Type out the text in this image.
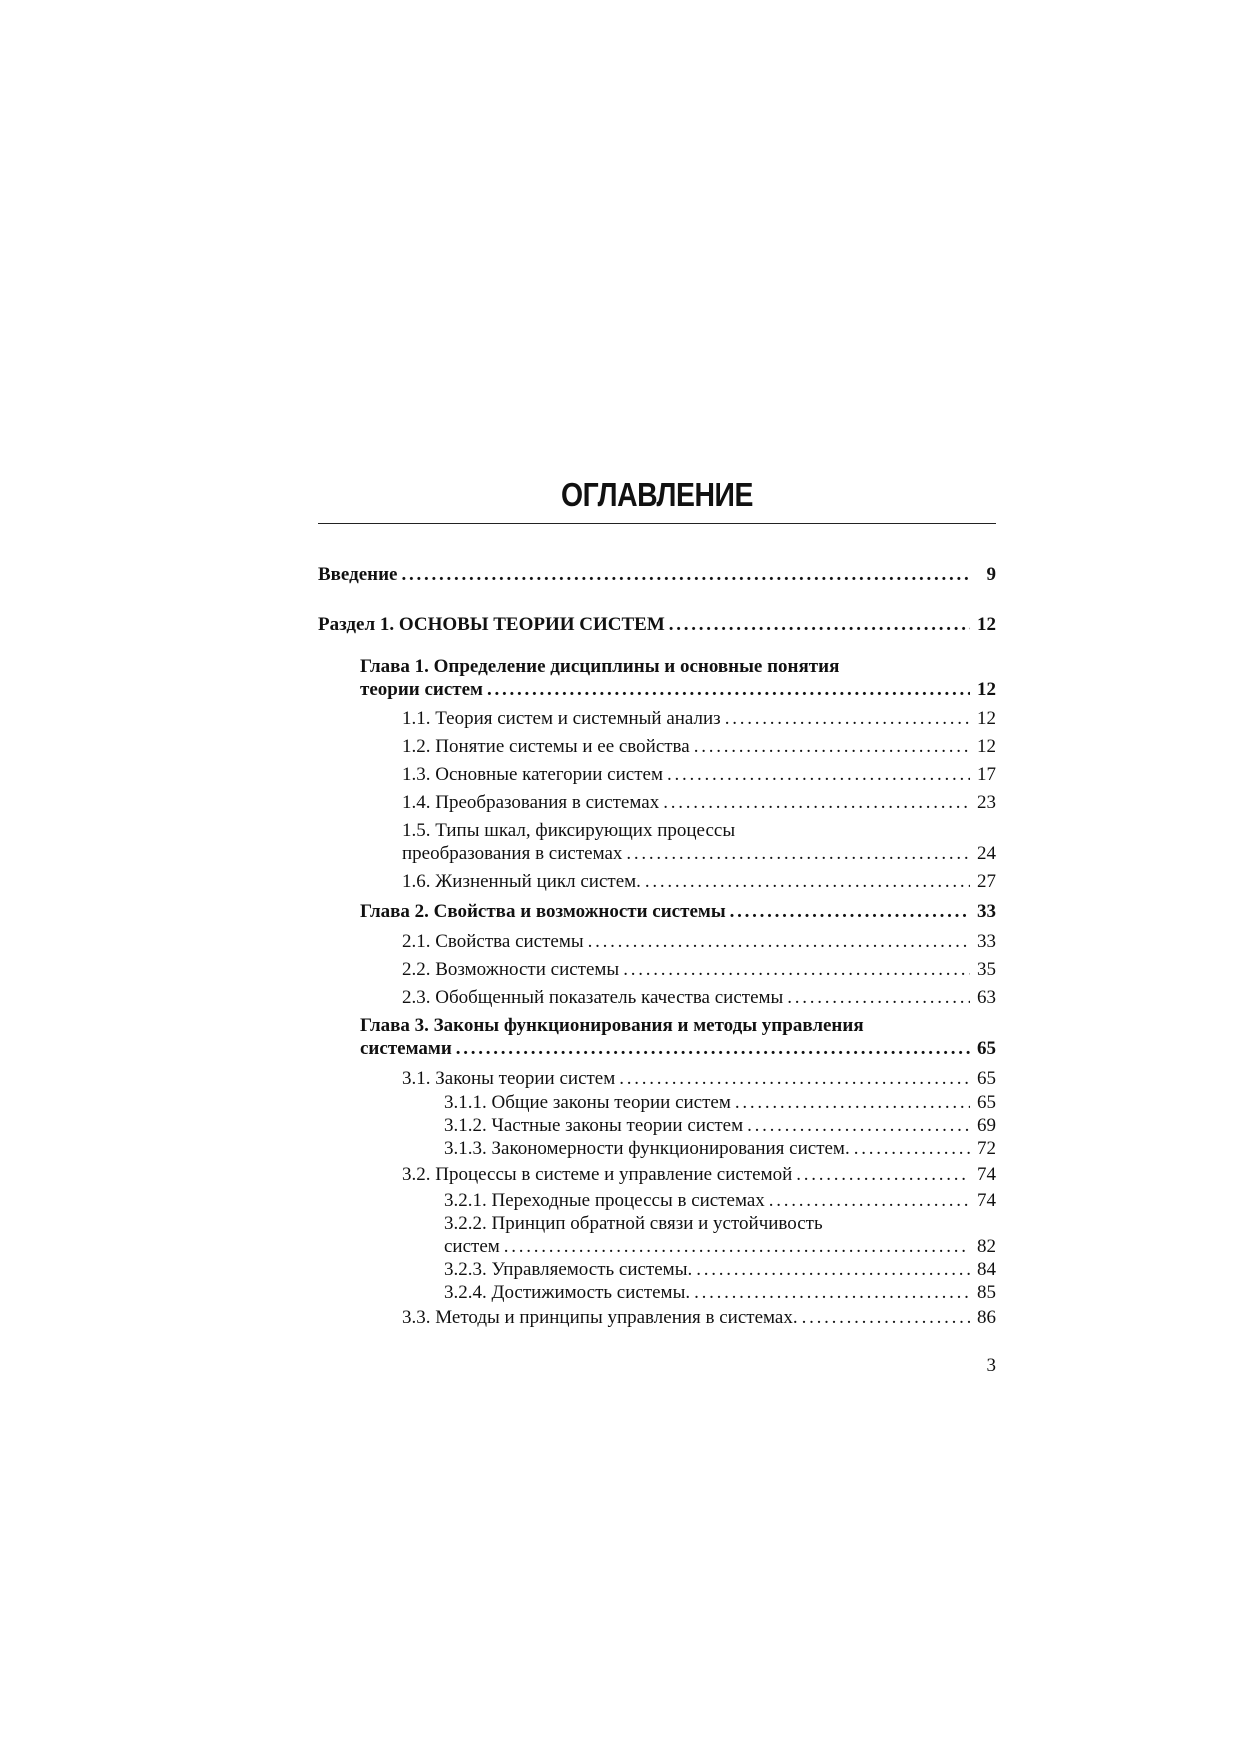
ОГЛАВЛЕНИЕ
Введение . . .	9
Раздел 1. ОСНОВЫ ТЕОРИИ СИСТЕМ . . .	12
Глава 1. Определение дисциплины и основные понятия
теории систем . . .	12
1.1. Теория систем и системный анализ . . .	12
1.2. Понятие системы и ее свойства . . .	12
1.3. Основные категории систем . . .	17
1.4. Преобразования в системах . . .	23
1.5. Типы шкал, фиксирующих процессы
преобразования в системах . . .	24
1.6. Жизненный цикл систем. . . .	27
Глава 2. Свойства и возможности системы . . .	33
2.1. Свойства системы . . .	33
2.2. Возможности системы . . .	35
2.3. Обобщенный показатель качества системы . . .	63
Глава 3. Законы функционирования и методы управления
системами . . .	65
3.1. Законы теории систем . . .	65
3.1.1. Общие законы теории систем . . .	65
3.1.2. Частные законы теории систем . . .	69
3.1.3. Закономерности функционирования систем. . . .	72
3.2. Процессы в системе и управление системой . . .	74
3.2.1. Переходные процессы в системах . . .	74
3.2.2. Принцип обратной связи и устойчивость
систем . . .	82
3.2.3. Управляемость системы. . . .	84
3.2.4. Достижимость системы. . . .	85
3.3. Методы и принципы управления в системах. . . .	86
3
